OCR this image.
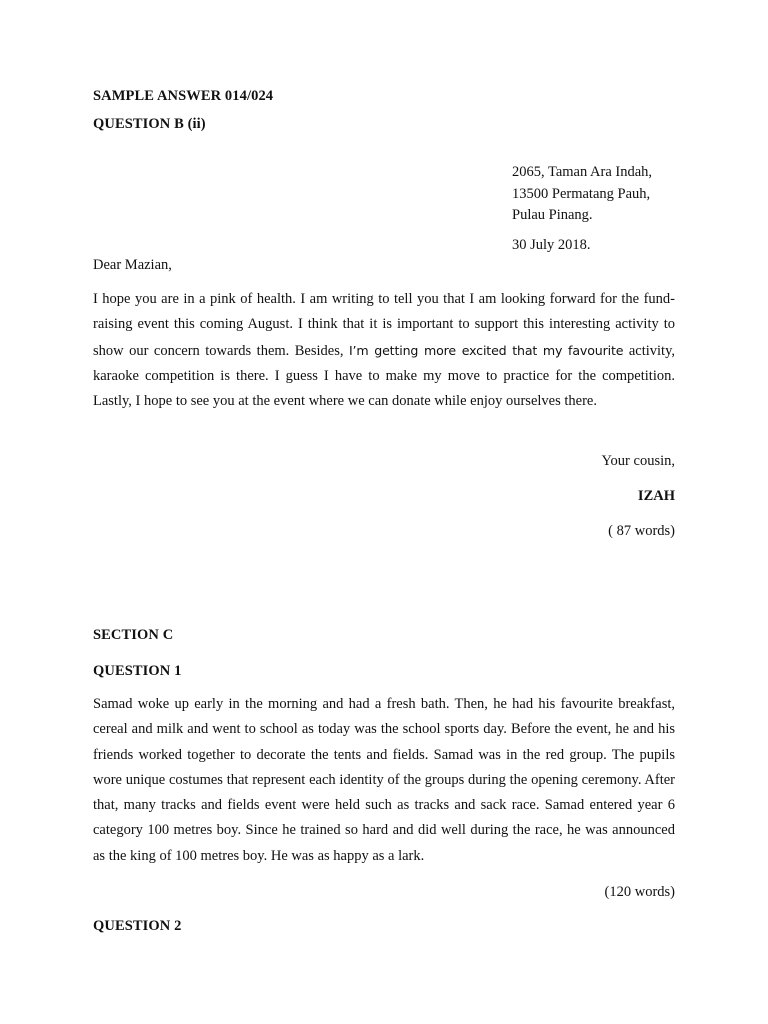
SAMPLE ANSWER 014/024
QUESTION B (ii)
2065, Taman Ara Indah,
13500 Permatang Pauh,
Pulau Pinang.
30 July 2018.
Dear Mazian,
I hope you are in a pink of health. I am writing to tell you that I am looking forward for the fund-raising event this coming August. I think that it is important to support this interesting activity to show our concern towards them. Besides, I’m getting more excited that my favourite activity, karaoke competition is there. I guess I have to make my move to practice for the competition. Lastly, I hope to see you at the event where we can donate while enjoy ourselves there.
Your cousin,
IZAH
( 87 words)
SECTION C
QUESTION 1
Samad woke up early in the morning and had a fresh bath. Then, he had his favourite breakfast, cereal and milk and went to school as today was the school sports day. Before the event, he and his friends worked together to decorate the tents and fields. Samad was in the red group. The pupils wore unique costumes that represent each identity of the groups during the opening ceremony. After that, many tracks and fields event were held such as tracks and sack race. Samad entered year 6 category 100 metres boy. Since he trained so hard and did well during the race, he was announced as the king of 100 metres boy. He was as happy as a lark.
(120 words)
QUESTION 2
